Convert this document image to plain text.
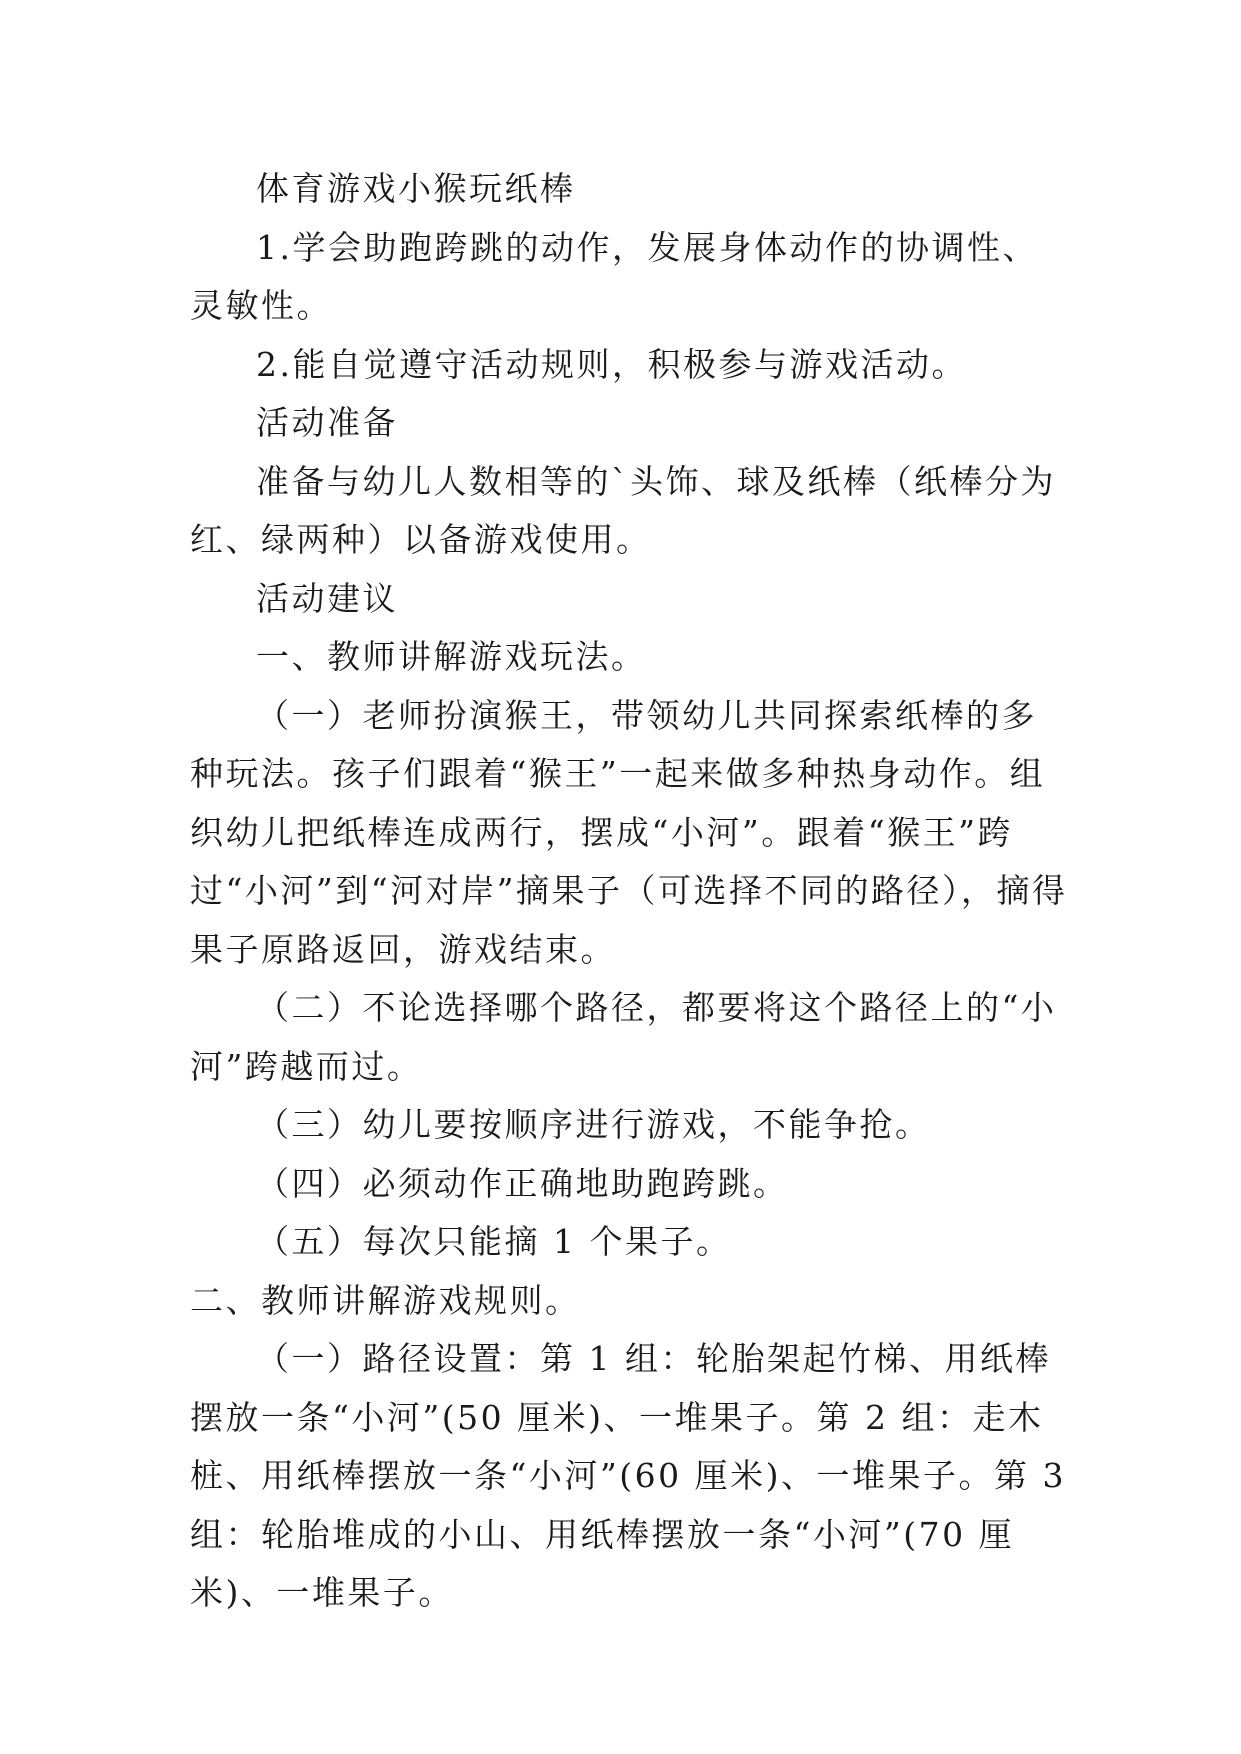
体育游戏小猴玩纸棒

1.学会助跑跨跳的动作，发展身体动作的协调性、灵敏性。

2.能自觉遵守活动规则，积极参与游戏活动。

活动准备

准备与幼儿人数相等的`头饰、球及纸棒（纸棒分为红、绿两种）以备游戏使用。

活动建议

一、教师讲解游戏玩法。

（一）老师扮演猴王，带领幼儿共同探索纸棒的多种玩法。孩子们跟着“猴王”一起来做多种热身动作。组织幼儿把纸棒连成两行，摆成“小河”。跟着“猴王”跨过“小河”到“河对岸”摘果子（可选择不同的路径），摘得果子原路返回，游戏结束。

（二）不论选择哪个路径，都要将这个路径上的“小河”跨越而过。

（三）幼儿要按顺序进行游戏，不能争抢。

（四）必须动作正确地助跑跨跳。

（五）每次只能摘 1 个果子。

二、教师讲解游戏规则。

（一）路径设置：第 1 组：轮胎架起竹梯、用纸棒摆放一条“小河”(50 厘米)、一堆果子。第 2 组：走木桩、用纸棒摆放一条“小河”(60 厘米)、一堆果子。第 3 组：轮胎堆成的小山、用纸棒摆放一条“小河”(70 厘米)、一堆果子。
